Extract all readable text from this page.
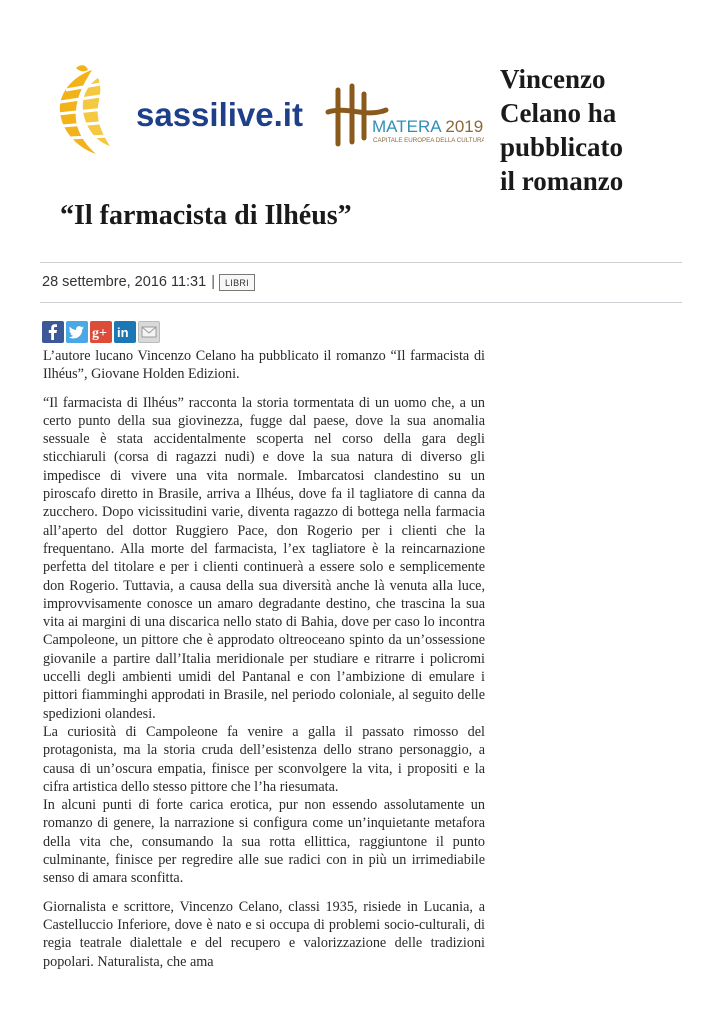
sassilive.it	MATERA 2019
CAPITALE EUROPEA DELLA CULTURA
Vincenzo
Celano ha
pubblicato
il romanzo
“Il farmacista di Ilhéus”
28 settembre, 2016 11:31 |	LIBRI
g+ in

L’autore lucano Vincenzo Celano ha pubblicato il romanzo “Il farmacista di Ilhéus”, Giovane Holden Edizioni.

“Il farmacista di Ilhéus” racconta la storia tormentata di un uomo che, a un certo punto della sua giovinezza, fugge dal paese, dove la sua anomalia sessuale è stata accidentalmente scoperta nel corso della gara degli sticchiaruli (corsa di ragazzi nudi) e dove la sua natura di diverso gli impedisce di vivere una vita normale. Imbarcatosi clandestino su un piroscafo diretto in Brasile, arriva a Ilhéus, dove fa il tagliatore di canna da zucchero. Dopo vicissitudini varie, diventa ragazzo di bottega nella farmacia all’aperto del dottor Ruggiero Pace, don Rogerio per i clienti che la frequentano. Alla morte del farmacista, l’ex tagliatore è la reincarnazione perfetta del titolare e per i clienti continuerà a essere solo e semplicemente don Rogerio. Tuttavia, a causa della sua diversità anche là venuta alla luce, improvvisamente conosce un amaro degradante destino, che trascina la sua vita ai margini di una discarica nello stato di Bahia, dove per caso lo incontra Campoleone, un pittore che è approdato oltreoceano spinto da un’ossessione giovanile a partire dall’Italia meridionale per studiare e ritrarre i policromi uccelli degli ambienti umidi del Pantanal e con l’ambizione di emulare i pittori fiamminghi approdati in Brasile, nel periodo coloniale, al seguito delle spedizioni olandesi.

La curiosità di Campoleone fa venire a galla il passato rimosso del protagonista, ma la storia cruda dell’esistenza dello strano personaggio, a causa di un’oscura empatia, finisce per sconvolgere la vita, i propositi e la cifra artistica dello stesso pittore che l’ha riesumata.

In alcuni punti di forte carica erotica, pur non essendo assolutamente un romanzo di genere, la narrazione si configura come un’inquietante metafora della vita che, consumando la sua rotta ellittica, raggiuntone il punto culminante, finisce per regredire alle sue radici con in più un irrimediabile senso di amara sconfitta.

Giornalista e scrittore, Vincenzo Celano, classi 1935, risiede in Lucania, a Castelluccio Inferiore, dove è nato e si occupa di problemi socio-culturali, di regia teatrale dialettale e del recupero e valorizzazione delle tradizioni popolari. Naturalista, che ama
